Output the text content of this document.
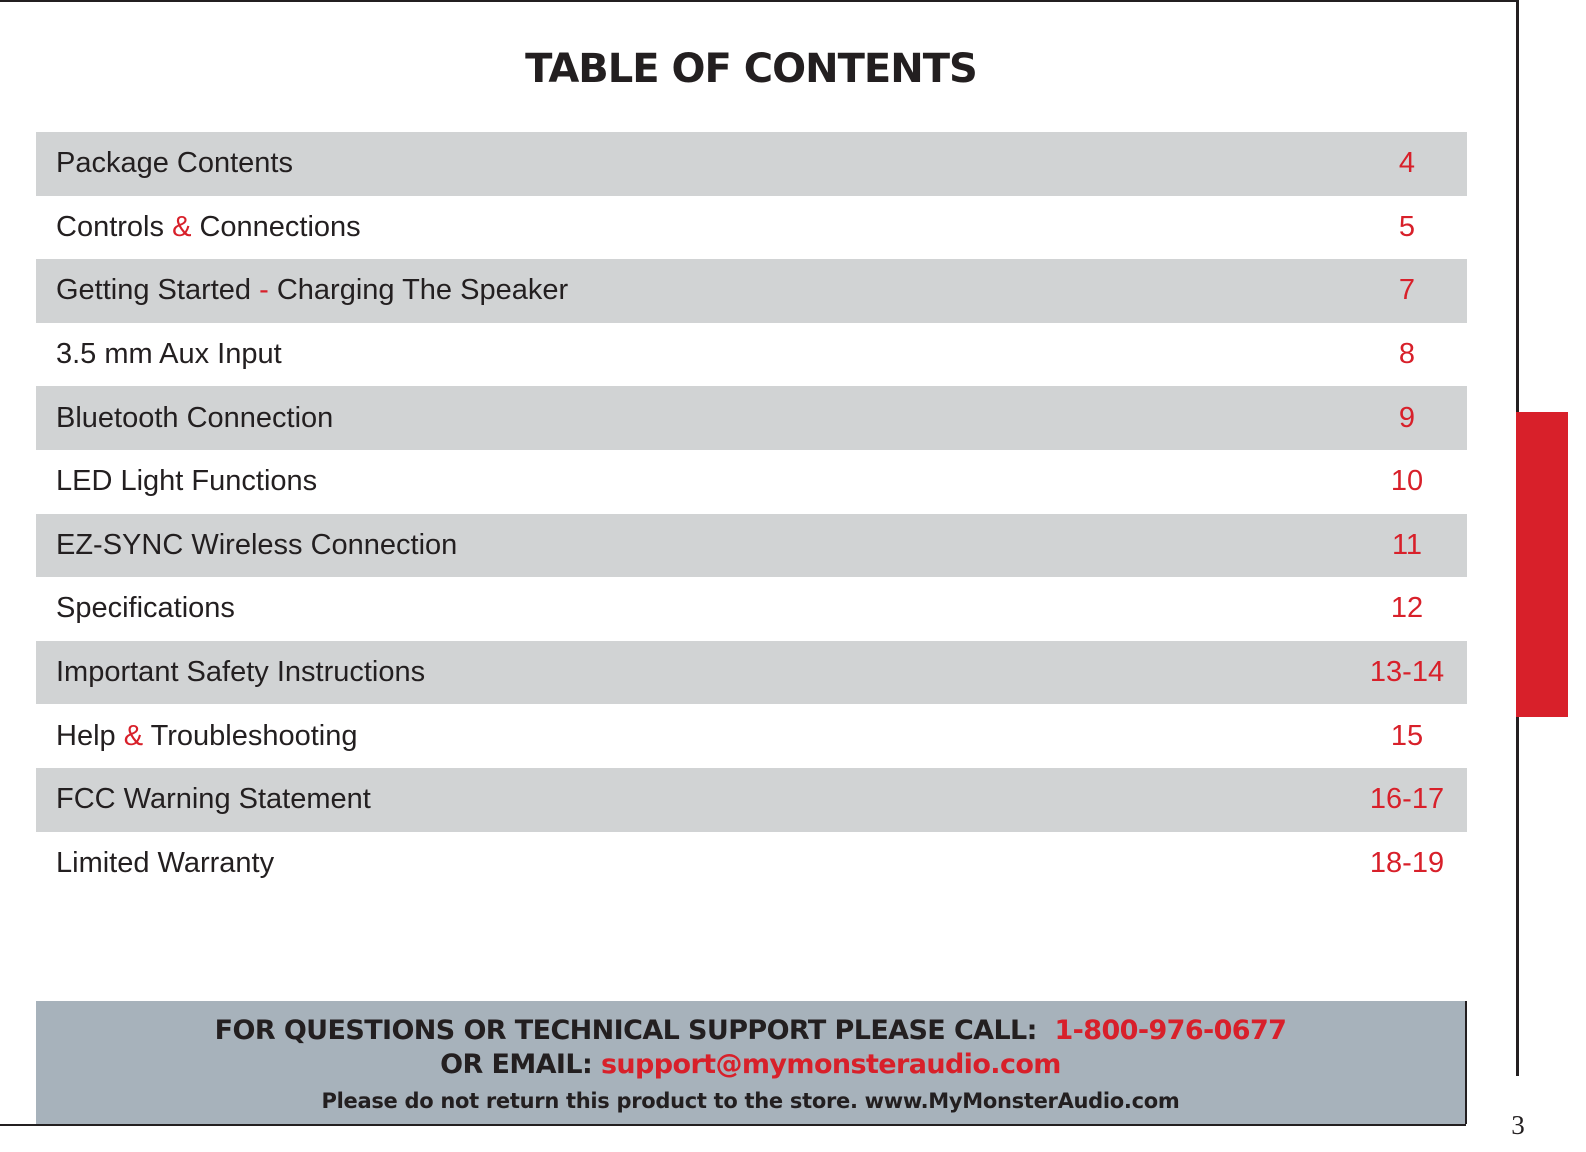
TABLE OF CONTENTS
Package Contents	4
Controls & Connections	5
Getting Started - Charging The Speaker	7
3.5 mm Aux Input	8
Bluetooth Connection	9
LED Light Functions	10
EZ-SYNC Wireless Connection	11
Specifications	12
Important Safety Instructions	13-14
Help & Troubleshooting	15
FCC Warning Statement	16-17
Limited Warranty	18-19
FOR QUESTIONS OR TECHNICAL SUPPORT PLEASE CALL: 1-800-976-0677
OR EMAIL: support@mymonsteraudio.com
Please do not return this product to the store. www.MyMonsterAudio.com
3
